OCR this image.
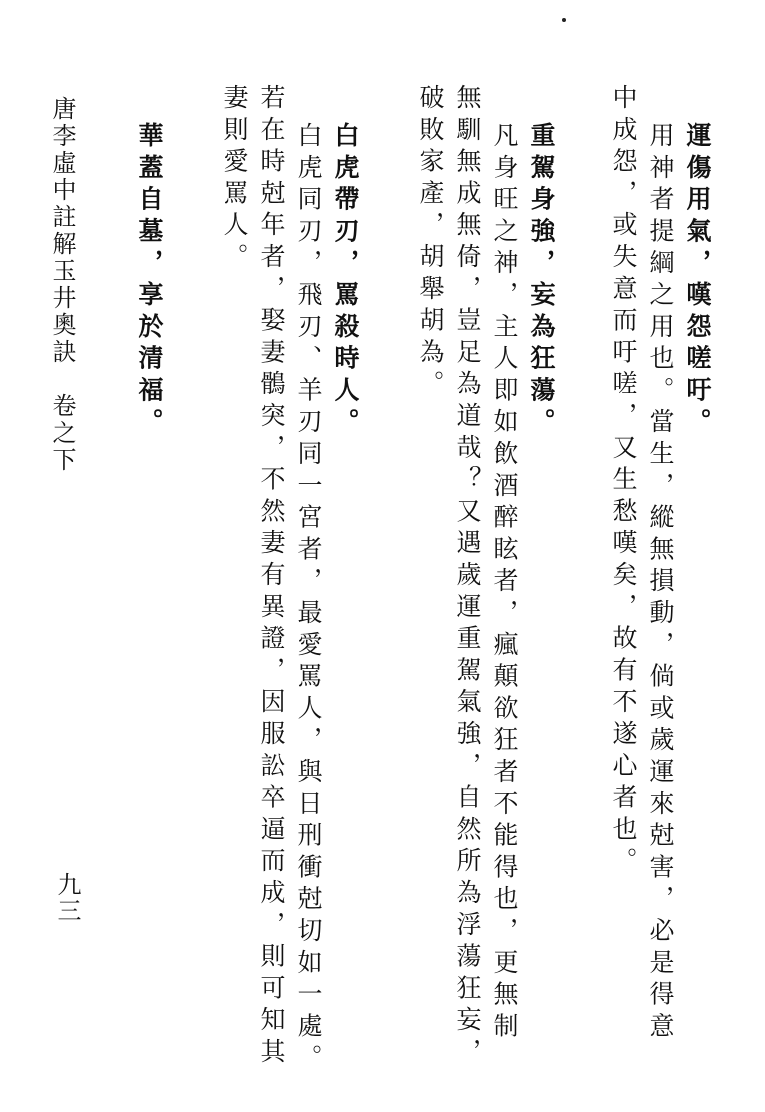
運傷用氣，嘆怨嗟吁。
用神者提綱之用也。當生，縱無損動，倘或歲運來尅害，必是得意
中成怨，或失意而吁嗟，又生愁嘆矣，故有不遂心者也。
重駕身強，妄為狂蕩。
凡身旺之神，主人即如飲酒醉眩者，瘋顛欲狂者不能得也，更無制
無馴無成無倚，豈足為道哉？又遇歲運重駕氣強，自然所為浮蕩狂妄，
破敗家產，胡舉胡為。
白虎帶刃，罵殺時人。
白虎同刃，飛刃、羊刃同一宮者，最愛罵人，與日刑衝尅切如一處。
若在時尅年者，娶妻鶻突，不然妻有異證，因服訟卒逼而成，則可知其
妻則愛罵人。
華蓋自墓，享於清福。
唐李虛中註解玉井奧訣　卷之下
九三
